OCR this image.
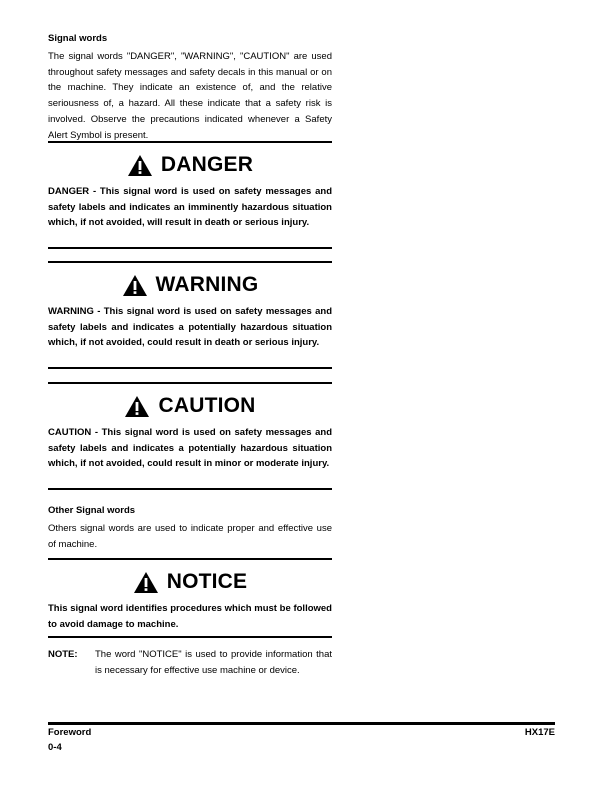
Signal words

The signal words "DANGER", "WARNING", "CAUTION" are used throughout safety messages and safety decals in this manual or on the machine. They indicate an existence of, and the relative seriousness of, a hazard. All these indicate that a safety risk is involved. Observe the precautions indicated whenever a Safety Alert Symbol is present.

DANGER

DANGER - This signal word is used on safety messages and safety labels and indicates an imminently hazardous situation which, if not avoided, will result in death or serious injury.

WARNING

WARNING - This signal word is used on safety messages and safety labels and indicates a potentially hazardous situation which, if not avoided, could result in death or serious injury.

CAUTION

CAUTION - This signal word is used on safety messages and safety labels and indicates a potentially hazardous situation which, if not avoided, could result in minor or moderate injury.

Other Signal words

Others signal words are used to indicate proper and effective use of machine.

NOTICE

This signal word identifies procedures which must be followed to avoid damage to machine.

NOTE: The word "NOTICE" is used to provide information that is necessary for effective use machine or device.
Foreword
0-4
HX17E
